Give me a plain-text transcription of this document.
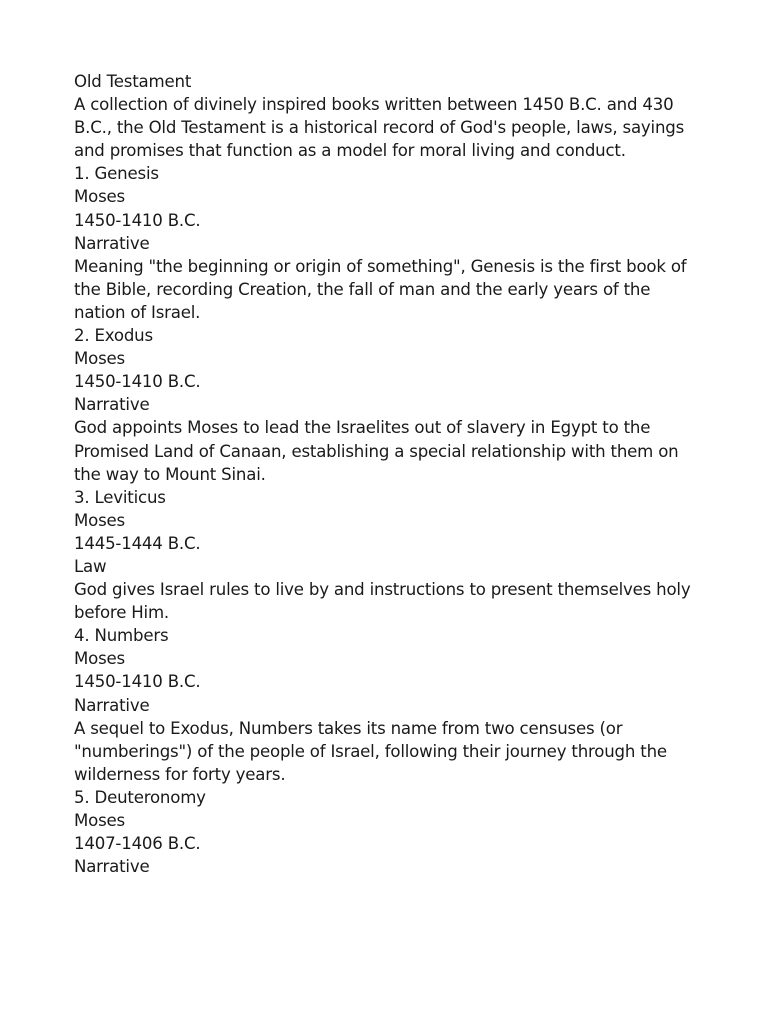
Old Testament

A collection of divinely inspired books written between 1450 B.C. and 430 B.C., the Old Testament is a historical record of God's people, laws, sayings and promises that function as a model for moral living and conduct.

1. Genesis

Moses

1450-1410 B.C.

Narrative

Meaning "the beginning or origin of something", Genesis is the first book of the Bible, recording Creation, the fall of man and the early years of the nation of Israel.

2. Exodus

Moses

1450-1410 B.C.

Narrative

God appoints Moses to lead the Israelites out of slavery in Egypt to the Promised Land of Canaan, establishing a special relationship with them on the way to Mount Sinai.

3. Leviticus

Moses

1445-1444 B.C.

Law

God gives Israel rules to live by and instructions to present themselves holy before Him.

4. Numbers

Moses

1450-1410 B.C.

Narrative

A sequel to Exodus, Numbers takes its name from two censuses (or "numberings") of the people of Israel, following their journey through the wilderness for forty years.

5. Deuteronomy

Moses

1407-1406 B.C.

Narrative
